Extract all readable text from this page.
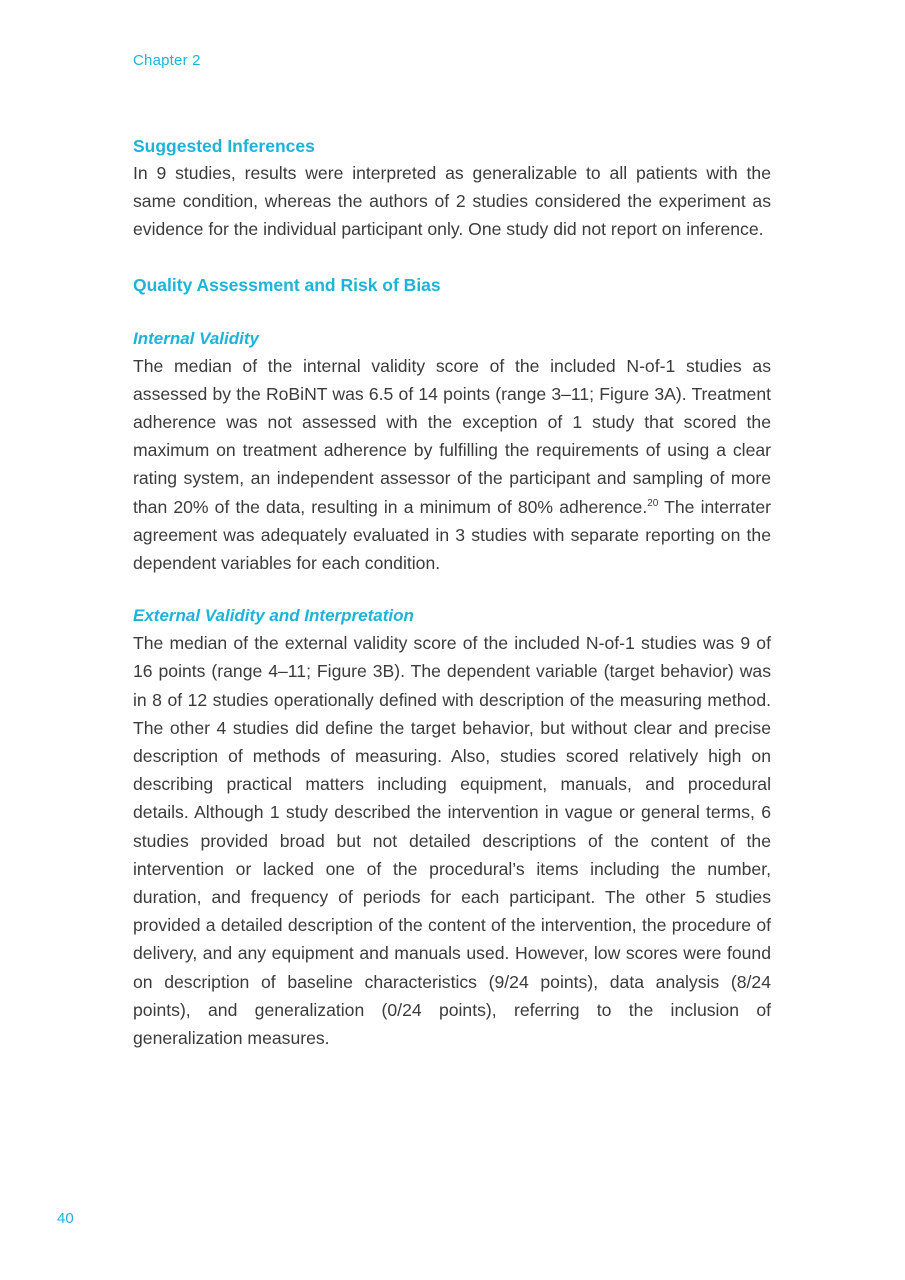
Chapter 2
Suggested Inferences

In 9 studies, results were interpreted as generalizable to all patients with the same condition, whereas the authors of 2 studies considered the experiment as evidence for the individual participant only. One study did not report on inference.

Quality Assessment and Risk of Bias
Internal Validity

The median of the internal validity score of the included N-of-1 studies as assessed by the RoBiNT was 6.5 of 14 points (range 3–11; Figure 3A). Treatment adherence was not assessed with the exception of 1 study that scored the maximum on treatment adherence by fulfilling the requirements of using a clear rating system, an independent assessor of the participant and sampling of more than 20% of the data, resulting in a minimum of 80% adherence.$^{20}$ The interrater agreement was adequately evaluated in 3 studies with separate reporting on the dependent variables for each condition.

External Validity and Interpretation

The median of the external validity score of the included N-of-1 studies was 9 of 16 points (range 4–11; Figure 3B). The dependent variable (target behavior) was in 8 of 12 studies operationally defined with description of the measuring method. The other 4 studies did define the target behavior, but without clear and precise description of methods of measuring. Also, studies scored relatively high on describing practical matters including equipment, manuals, and procedural details. Although 1 study described the intervention in vague or general terms, 6 studies provided broad but not detailed descriptions of the content of the intervention or lacked one of the procedural’s items including the number, duration, and frequency of periods for each participant. The other 5 studies provided a detailed description of the content of the intervention, the procedure of delivery, and any equipment and manuals used. However, low scores were found on description of baseline characteristics (9/24 points), data analysis (8/24 points), and generalization (0/24 points), referring to the inclusion of generalization measures.

40
